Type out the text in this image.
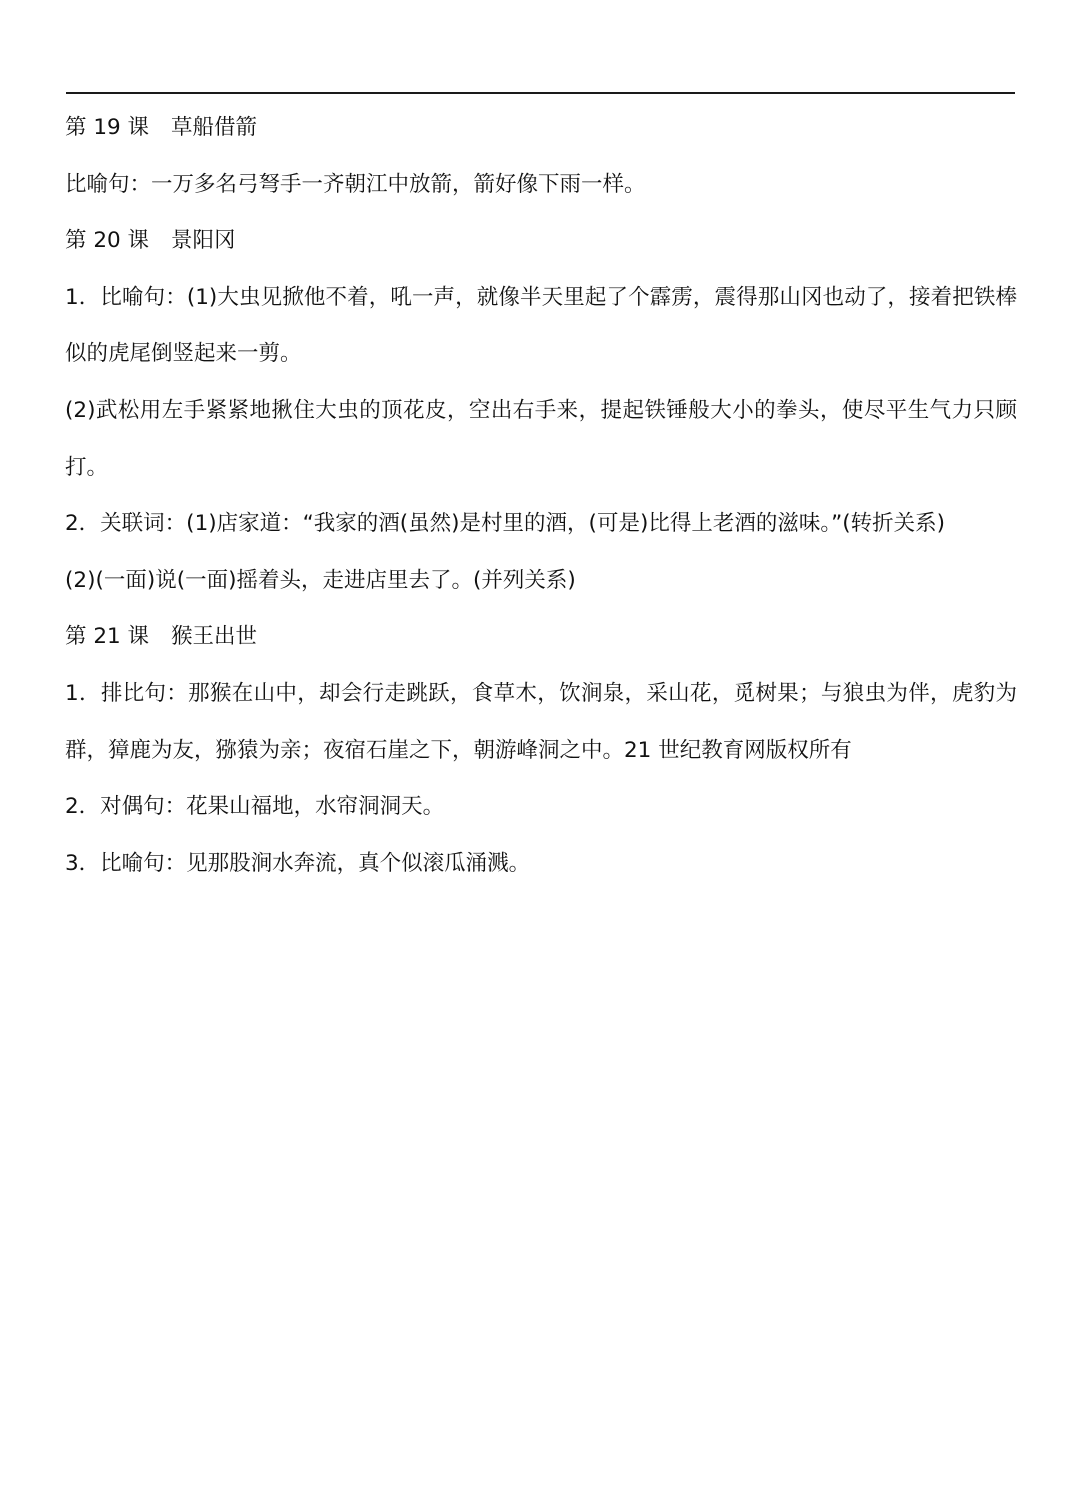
第 19 课 草船借箭
比喻句：一万多名弓弩手一齐朝江中放箭，箭好像下雨一样。
第 20 课 景阳冈
1．比喻句：(1)大虫见掀他不着，吼一声，就像半天里起了个霹雳，震得那山冈也动了，接着把铁棒
似的虎尾倒竖起来一剪。
(2)武松用左手紧紧地揪住大虫的顶花皮，空出右手来，提起铁锤般大小的拳头，使尽平生气力只顾
打。
2．关联词：(1)店家道：“我家的酒(虽然)是村里的酒，(可是)比得上老酒的滋味。”(转折关系)
(2)(一面)说(一面)摇着头，走进店里去了。(并列关系)
第 21 课 猴王出世
1．排比句：那猴在山中，却会行走跳跃，食草木，饮涧泉，采山花，觅树果；与狼虫为伴，虎豹为
群，獐鹿为友，猕猿为亲；夜宿石崖之下，朝游峰洞之中。21 世纪教育网版权所有
2．对偶句：花果山福地，水帘洞洞天。
3．比喻句：见那股涧水奔流，真个似滚瓜涌溅。
